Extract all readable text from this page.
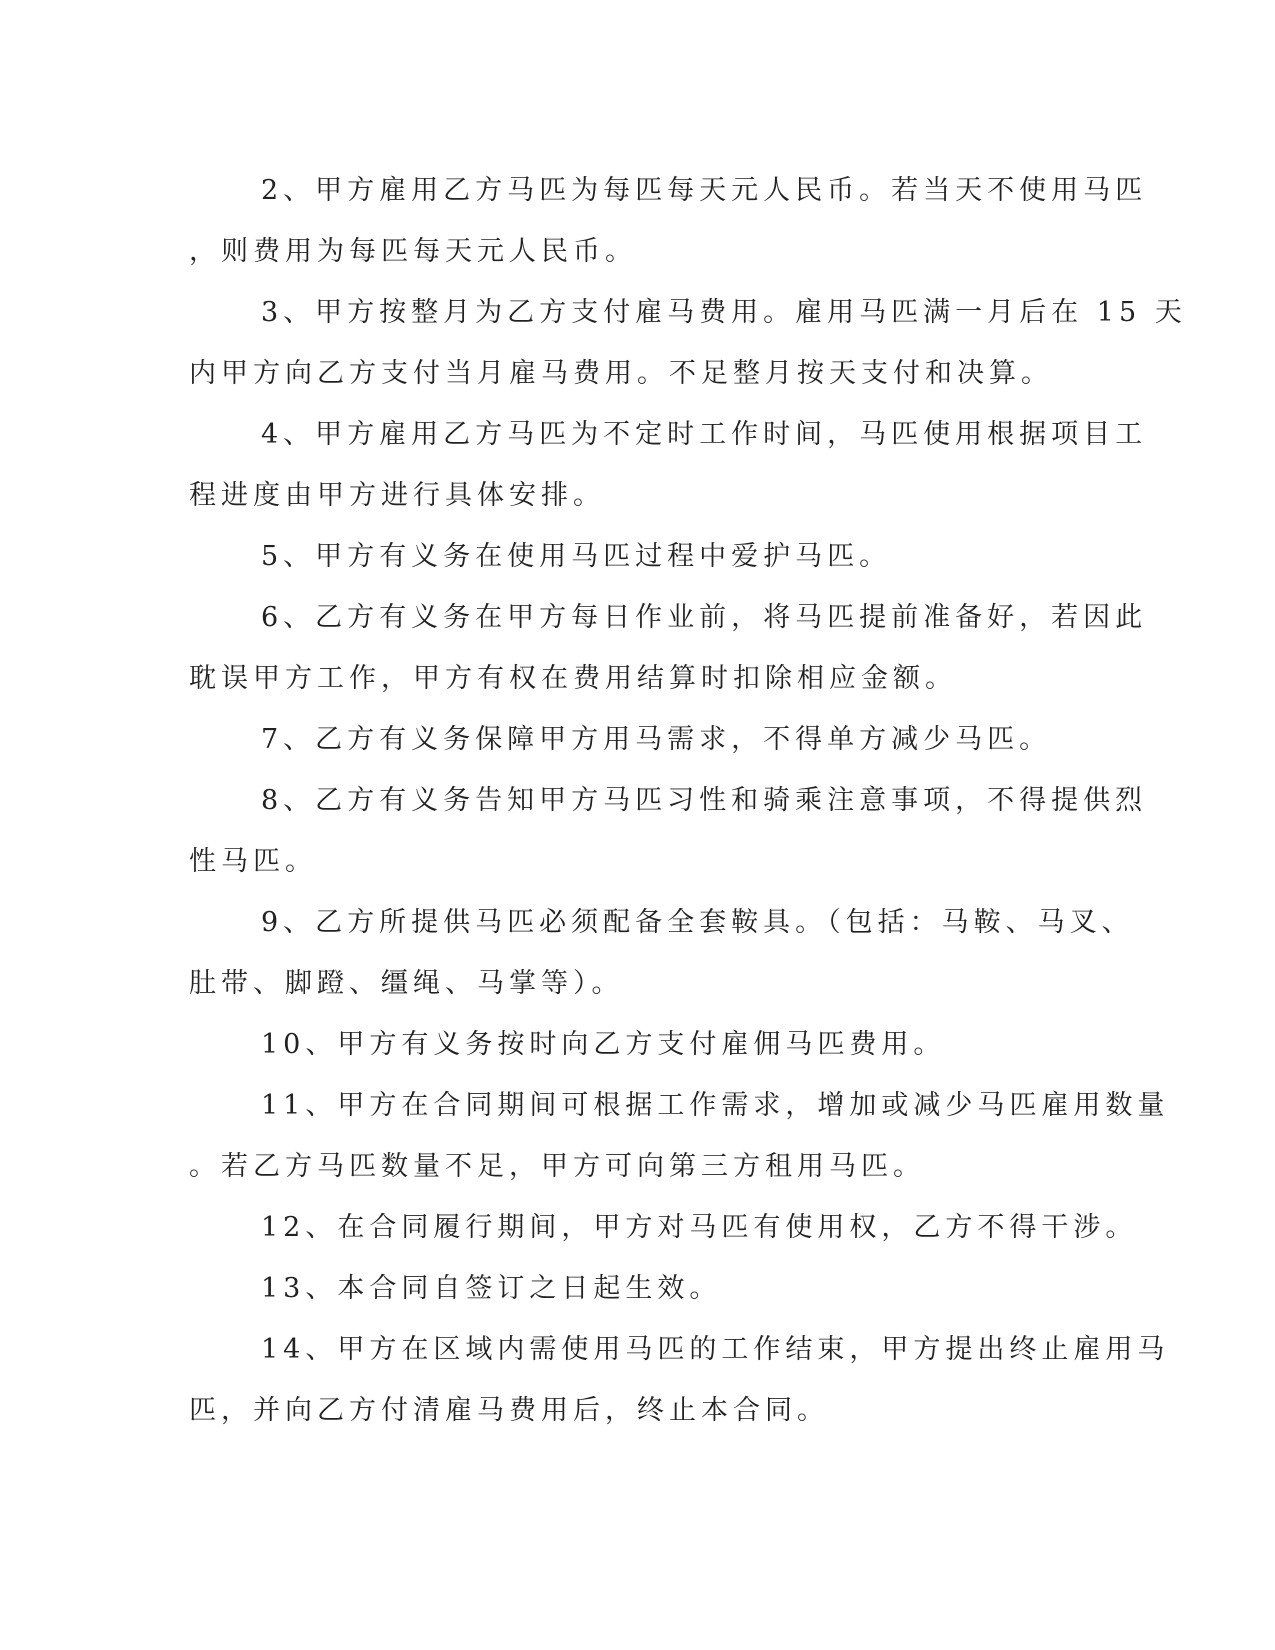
2、甲方雇用乙方马匹为每匹每天元人民币。若当天不使用马匹
，则费用为每匹每天元人民币。
3、甲方按整月为乙方支付雇马费用。雇用马匹满一月后在 15 天
内甲方向乙方支付当月雇马费用。不足整月按天支付和决算。
4、甲方雇用乙方马匹为不定时工作时间，马匹使用根据项目工
程进度由甲方进行具体安排。
5、甲方有义务在使用马匹过程中爱护马匹。
6、乙方有义务在甲方每日作业前，将马匹提前准备好，若因此
耽误甲方工作，甲方有权在费用结算时扣除相应金额。
7、乙方有义务保障甲方用马需求，不得单方减少马匹。
8、乙方有义务告知甲方马匹习性和骑乘注意事项，不得提供烈
性马匹。
9、乙方所提供马匹必须配备全套鞍具。（包括：马鞍、马叉、
肚带、脚蹬、缰绳、马掌等）。
10、甲方有义务按时向乙方支付雇佣马匹费用。
11、甲方在合同期间可根据工作需求，增加或减少马匹雇用数量
。若乙方马匹数量不足，甲方可向第三方租用马匹。
12、在合同履行期间，甲方对马匹有使用权，乙方不得干涉。
13、本合同自签订之日起生效。
14、甲方在区域内需使用马匹的工作结束，甲方提出终止雇用马
匹，并向乙方付清雇马费用后，终止本合同。
